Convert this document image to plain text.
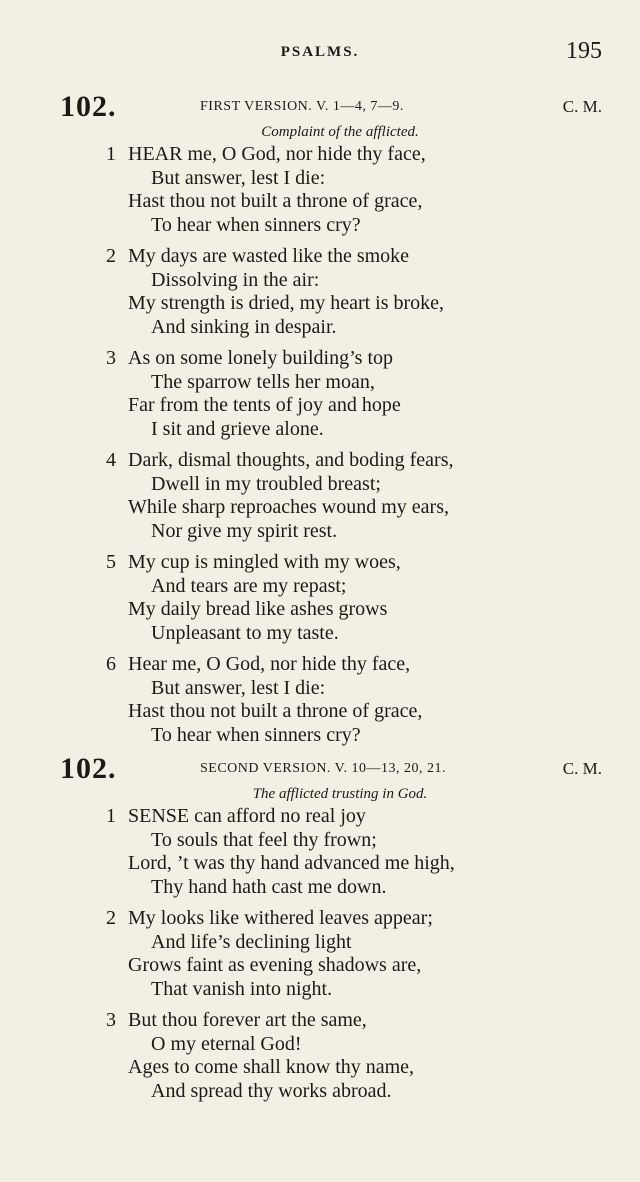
PSALMS.	195
102.	FIRST VERSION. V. 1—4, 7—9.	C. M.
Complaint of the afflicted.
1 HEAR me, O God, nor hide thy face,
But answer, lest I die:
Hast thou not built a throne of grace,
To hear when sinners cry?
2 My days are wasted like the smoke
Dissolving in the air:
My strength is dried, my heart is broke,
And sinking in despair.
3 As on some lonely building’s top
The sparrow tells her moan,
Far from the tents of joy and hope
I sit and grieve alone.
4 Dark, dismal thoughts, and boding fears,
Dwell in my troubled breast;
While sharp reproaches wound my ears,
Nor give my spirit rest.
5 My cup is mingled with my woes,
And tears are my repast;
My daily bread like ashes grows
Unpleasant to my taste.
6 Hear me, O God, nor hide thy face,
But answer, lest I die:
Hast thou not built a throne of grace,
To hear when sinners cry?
102.	SECOND VERSION. V. 10—13, 20, 21.	C. M.
The afflicted trusting in God.
1 SENSE can afford no real joy
To souls that feel thy frown;
Lord, ’t was thy hand advanced me high,
Thy hand hath cast me down.
2 My looks like withered leaves appear;
And life’s declining light
Grows faint as evening shadows are,
That vanish into night.
3 But thou forever art the same,
O my eternal God!
Ages to come shall know thy name,
And spread thy works abroad.
